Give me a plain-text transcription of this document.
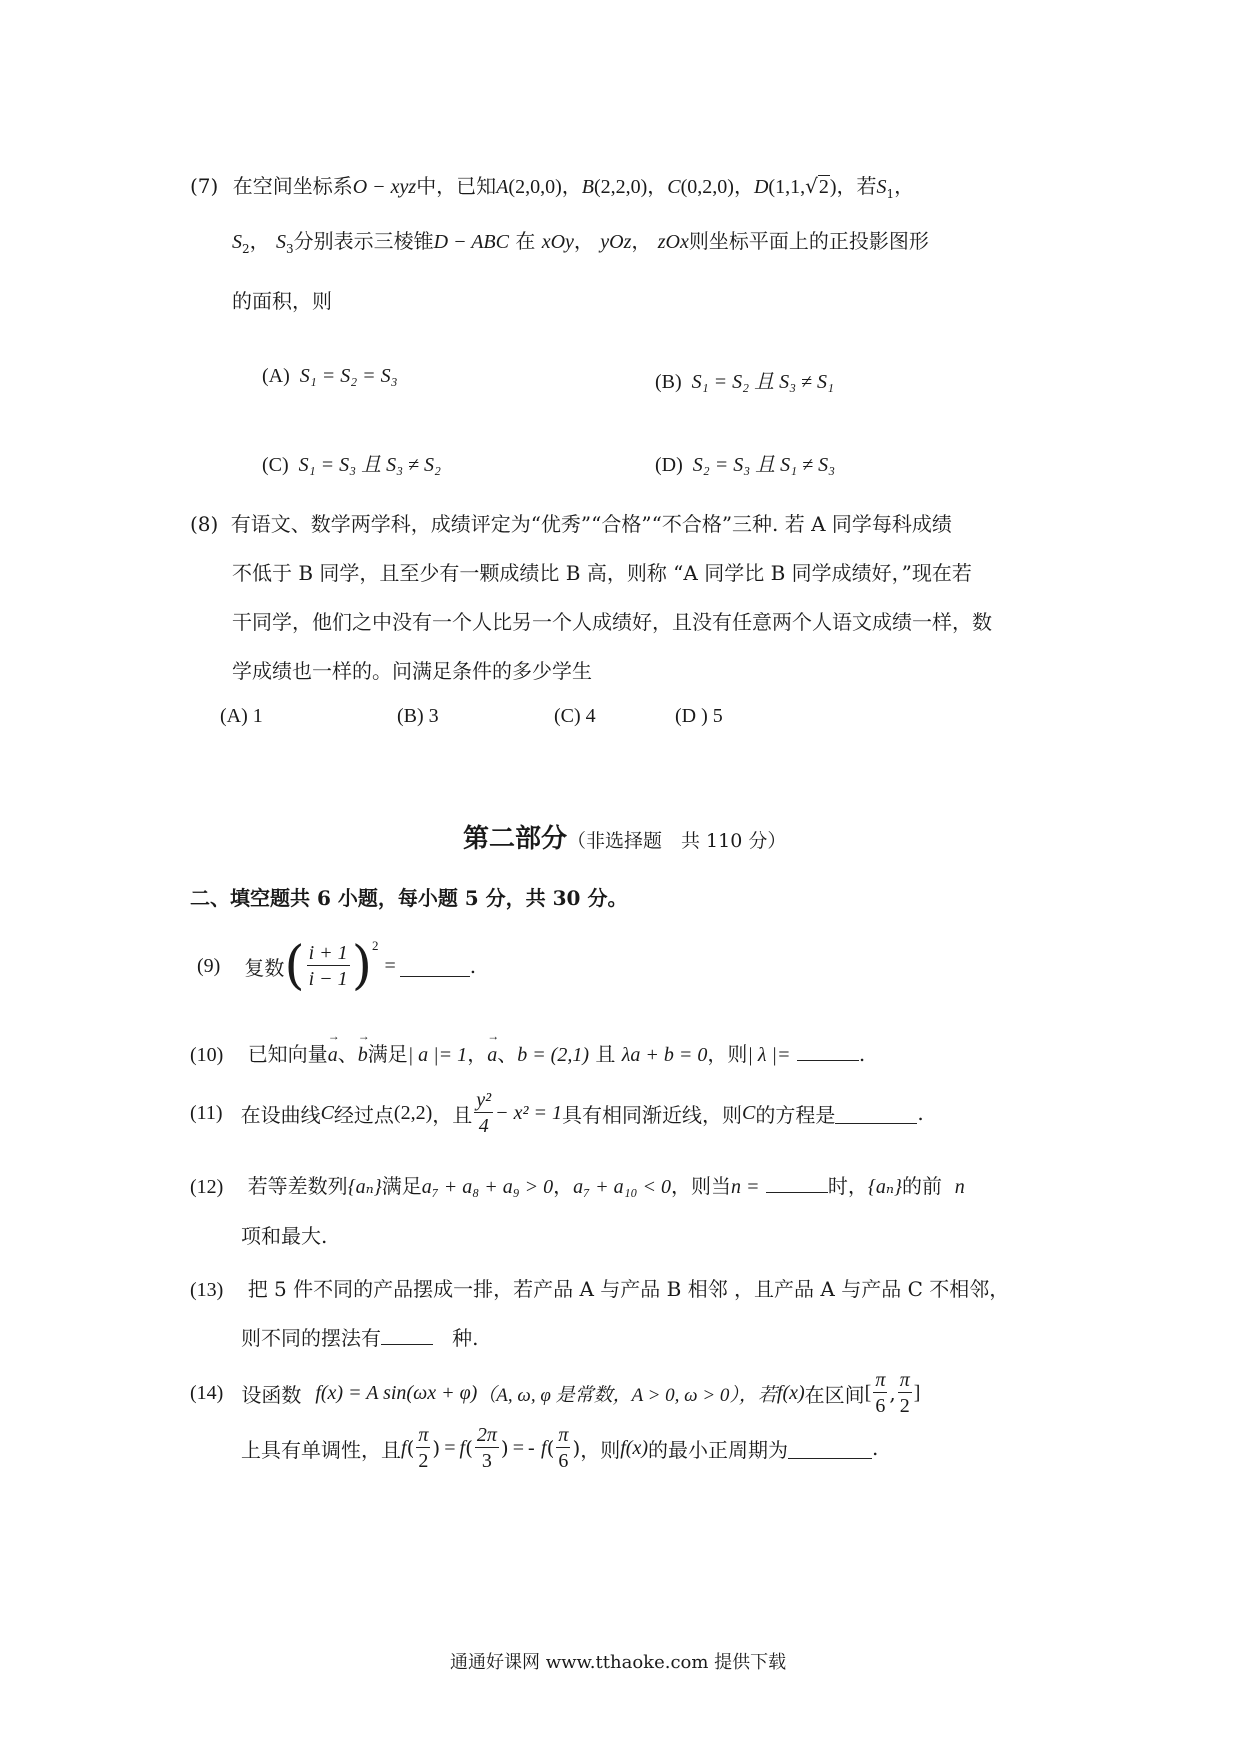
(7) 在空间坐标系O − xyz中，已知A(2,0,0)，B(2,2,0)，C(0,2,0)，D(1,1,√2)，若$S_1$，
$S_2$， $S_3$分别表示三棱锥D − ABC 在 xOy， yOz， zOx则坐标平面上的正投影图形
的面积，则
(A) S₁ = S₂ = S₃	(B) S₁ = S₂ 且 S₃ ≠ S₁
(C) S₁ = S₃ 且 S₃ ≠ S₂	(D) S₂ = S₃ 且 S₁ ≠ S₃
(8) 有语文、数学两学科，成绩评定为“优秀”“合格”“不合格”三种. 若 A 同学每科成绩
不低于 B 同学，且至少有一颗成绩比 B 高，则称 “A 同学比 B 同学成绩好，”现在若
干同学，他们之中没有一个人比另一个人成绩好，且没有任意两个人语文成绩一样，数
学成绩也一样的。问满足条件的多少学生
(A) 1	(B) 3	(C) 4	(D ) 5
第二部分（非选择题　共 110 分）
二、填空题共 6 小题，每小题 5 分，共 30 分。
(9) 复数 ( $\frac{i + 1}{i - 1}$ ) 2
=	.
(10) 已知向量→ a、→ b满足| a |= 1，→ a、b = (2,1) 且 λa + b = 0，则| λ |=	.
(11) 在设曲线 C 经过点 (2,2) ，且 $\frac{\text{y²}}{4} - x^2 = 1$ 具有相同渐近线，则 C 的方程是	.
(12) 若等差数列{aₙ}满足a₇ + a₈ + a₉ > 0，a₇ + a₁₀ < 0，则当n =	时，{aₙ}的前 n
项和最大.
(13) 把 5 件不同的产品摆成一排，若产品 A 与产品 B 相邻 ，且产品 A 与产品 C 不相邻，
则不同的摆法有	种.
(14) 设函数 f(x) = A sin(ωx + φ) （A, ω, φ 是常数，A > 0, ω > 0），若 f(x) 在区间 [ $\frac{\pi}{6}$ , $\frac{\pi}{2}$ ]
上具有单调性，且 f ( $\frac{\pi}{2}$ ) = f ( $\frac{2\pi}{3}$ ) = -
f ( $\frac{\pi}{6}$ ) ，则 f(x) 的最小正周期为	.
通通好课网 www.tthaoke.com 提供下载
